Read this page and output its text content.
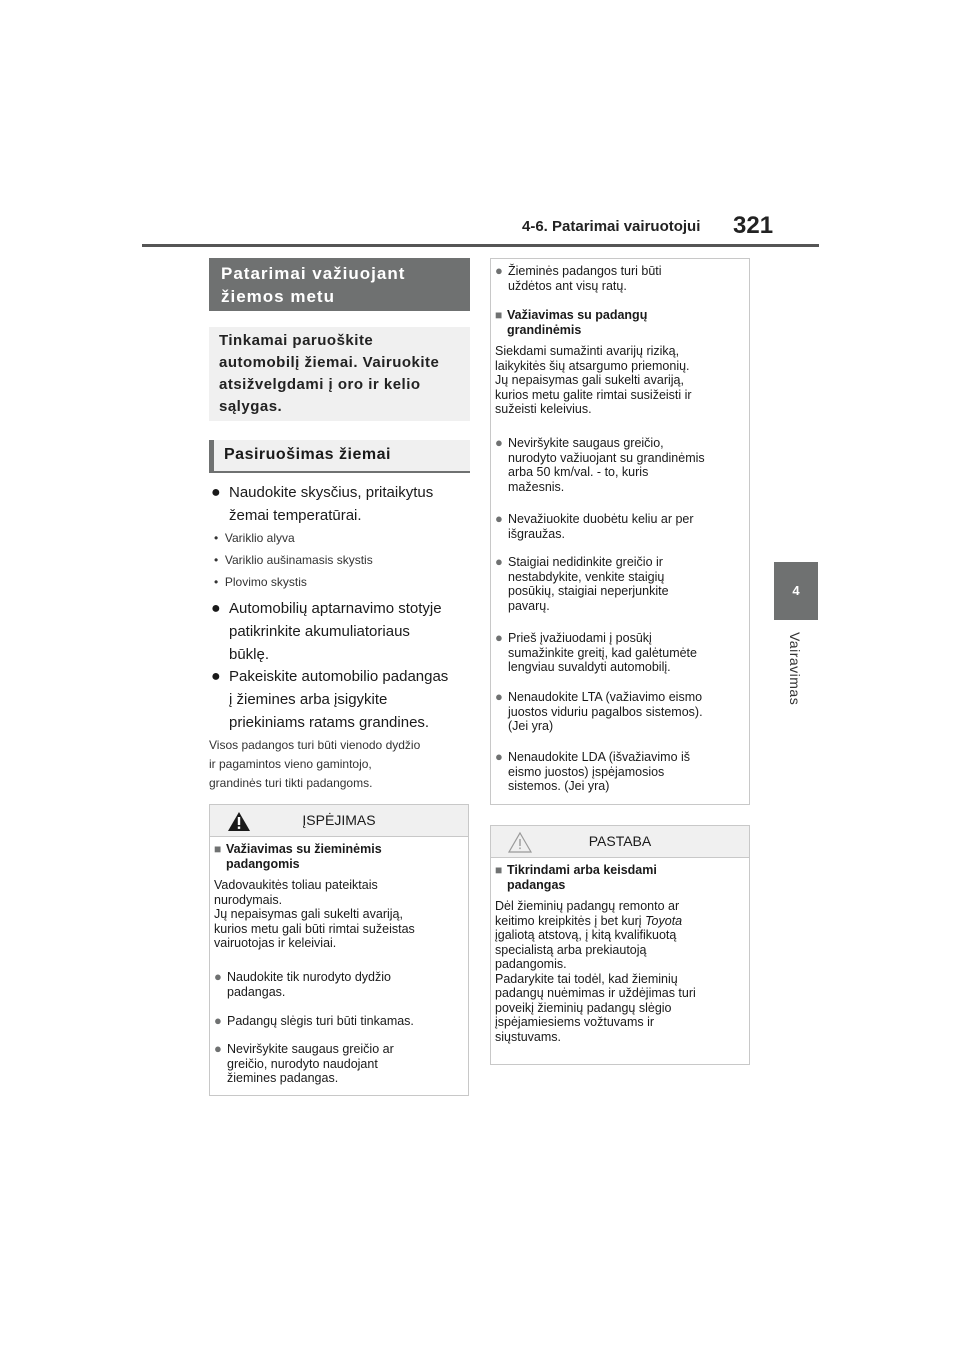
4-6. Patarimai vairuotojui 321
4
Vairavimas
Patarimai važiuojant
žiemos metu
Tinkamai paruoškite
automobilį žiemai. Vairuokite
atsižvelgdami į oro ir kelio
sąlygas.
Pasiruošimas žiemai
● Naudokite skysčius, pritaikytus
žemai temperatūrai.
•  Variklio alyva
•  Variklio aušinamasis skystis
•  Plovimo skystis
● Automobilių aptarnavimo stotyje
patikrinkite akumuliatoriaus
būklę.
● Pakeiskite automobilio padangas
į žiemines arba įsigykite
priekiniams ratams grandines.
Visos padangos turi būti vienodo dydžio
ir pagamintos vieno gamintojo,
grandinės turi tikti padangoms.
ĮSPĖJIMAS
■ Važiavimas su žieminėmis
padangomis
Vadovaukitės toliau pateiktais
nurodymais.
Jų nepaisymas gali sukelti avariją,
kurios metu gali būti rimtai sužeistas
vairuotojas ir keleiviai.
● Naudokite tik nurodyto dydžio
padangas.
● Padangų slėgis turi būti tinkamas.
● Neviršykite saugaus greičio ar
greičio, nurodyto naudojant
žiemines padangas.
● Žieminės padangos turi būti
uždėtos ant visų ratų.
■ Važiavimas su padangų
grandinėmis
Siekdami sumažinti avarijų riziką,
laikykitės šių atsargumo priemonių.
Jų nepaisymas gali sukelti avariją,
kurios metu galite rimtai susižeisti ir
sužeisti keleivius.
● Neviršykite saugaus greičio,
nurodyto važiuojant su grandinėmis
arba 50 km/val. - to, kuris
mažesnis.
● Nevažiuokite duobėtu keliu ar per
išgraužas.
● Staigiai nedidinkite greičio ir
nestabdykite, venkite staigių
posūkių, staigiai neperjunkite
pavarų.
● Prieš įvažiuodami į posūkį
sumažinkite greitį, kad galėtumėte
lengviau suvaldyti automobilį.
● Nenaudokite LTA (važiavimo eismo
juostos viduriu pagalbos sistemos).
(Jei yra)
● Nenaudokite LDA (išvažiavimo iš
eismo juostos) įspėjamosios
sistemos. (Jei yra)
PASTABA
■ Tikrindami arba keisdami
padangas
Dėl žieminių padangų remonto ar
keitimo kreipkitės į bet kurį Toyota
įgaliotą atstovą, į kitą kvalifikuotą
specialistą arba prekiautoją
padangomis.
Padarykite tai todėl, kad žieminių
padangų nuėmimas ir uždėjimas turi
poveikį žieminių padangų slėgio
įspėjamiesiems vožtuvams ir
siųstuvams.
